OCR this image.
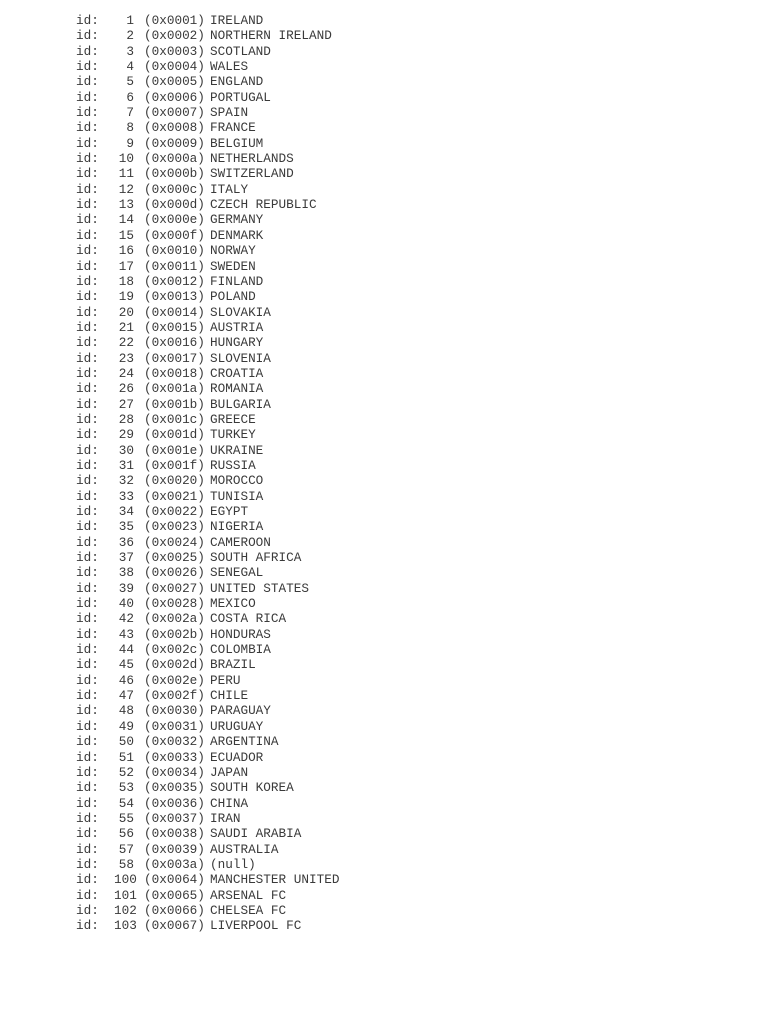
id: 1 (0x0001) IRELAND
id: 2 (0x0002) NORTHERN IRELAND
id: 3 (0x0003) SCOTLAND
id: 4 (0x0004) WALES
id: 5 (0x0005) ENGLAND
id: 6 (0x0006) PORTUGAL
id: 7 (0x0007) SPAIN
id: 8 (0x0008) FRANCE
id: 9 (0x0009) BELGIUM
id: 10 (0x000a) NETHERLANDS
id: 11 (0x000b) SWITZERLAND
id: 12 (0x000c) ITALY
id: 13 (0x000d) CZECH REPUBLIC
id: 14 (0x000e) GERMANY
id: 15 (0x000f) DENMARK
id: 16 (0x0010) NORWAY
id: 17 (0x0011) SWEDEN
id: 18 (0x0012) FINLAND
id: 19 (0x0013) POLAND
id: 20 (0x0014) SLOVAKIA
id: 21 (0x0015) AUSTRIA
id: 22 (0x0016) HUNGARY
id: 23 (0x0017) SLOVENIA
id: 24 (0x0018) CROATIA
id: 26 (0x001a) ROMANIA
id: 27 (0x001b) BULGARIA
id: 28 (0x001c) GREECE
id: 29 (0x001d) TURKEY
id: 30 (0x001e) UKRAINE
id: 31 (0x001f) RUSSIA
id: 32 (0x0020) MOROCCO
id: 33 (0x0021) TUNISIA
id: 34 (0x0022) EGYPT
id: 35 (0x0023) NIGERIA
id: 36 (0x0024) CAMEROON
id: 37 (0x0025) SOUTH AFRICA
id: 38 (0x0026) SENEGAL
id: 39 (0x0027) UNITED STATES
id: 40 (0x0028) MEXICO
id: 42 (0x002a) COSTA RICA
id: 43 (0x002b) HONDURAS
id: 44 (0x002c) COLOMBIA
id: 45 (0x002d) BRAZIL
id: 46 (0x002e) PERU
id: 47 (0x002f) CHILE
id: 48 (0x0030) PARAGUAY
id: 49 (0x0031) URUGUAY
id: 50 (0x0032) ARGENTINA
id: 51 (0x0033) ECUADOR
id: 52 (0x0034) JAPAN
id: 53 (0x0035) SOUTH KOREA
id: 54 (0x0036) CHINA
id: 55 (0x0037) IRAN
id: 56 (0x0038) SAUDI ARABIA
id: 57 (0x0039) AUSTRALIA
id: 58 (0x003a) (null)
id: 100 (0x0064) MANCHESTER UNITED
id: 101 (0x0065) ARSENAL FC
id: 102 (0x0066) CHELSEA FC
id: 103 (0x0067) LIVERPOOL FC
